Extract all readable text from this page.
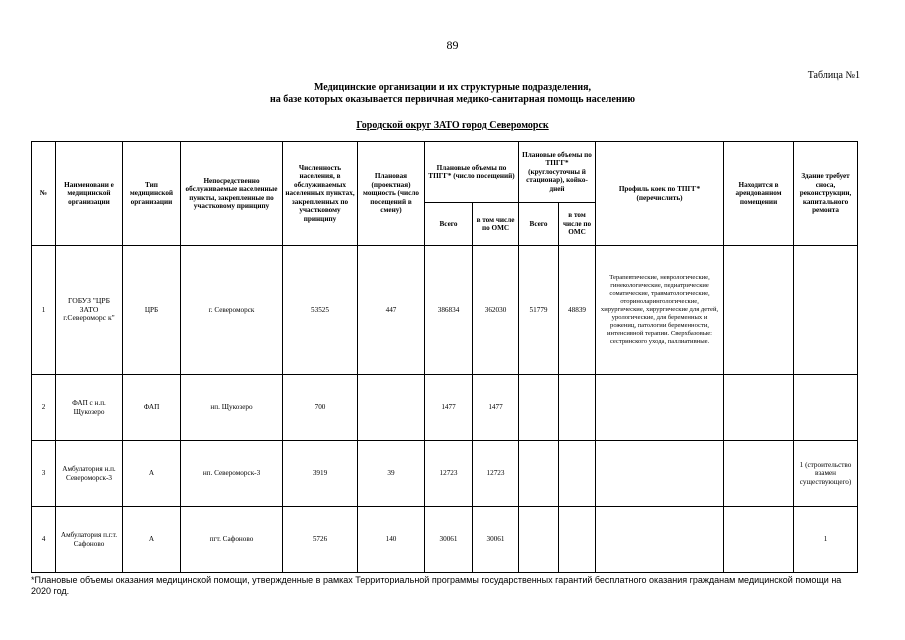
89
Таблица №1
Медицинские организации и их структурные подразделения,
на базе которых оказывается первичная медико-санитарная помощь населению
Городской округ ЗАТО город Североморск
№	Наименовани е медицинской организации	Тип медицинской организации	Непосредственно обслуживаемые населенные пункты, закрепленные по участковому принципу	Численность населения, в обслуживаемых населенных пунктах, закрепленных по участковому принципу	Плановая (проектная) мощность (число посещений в смену)	Плановые объемы по ТПГГ* (число посещений)		Плановые объемы по ТПГГ* (круглосуточны й стационар), койко-дней		Профиль коек по ТПГГ* (перечислить)	Находится в арендованном помещении	Здание требует сноса, реконструкции, капитального ремонта
						Всего	в том числе по ОМС	Всего	в том числе по ОМС			
1	ГОБУЗ "ЦРБ ЗАТО г.Североморс к"	ЦРБ	г. Североморск	53525	447	386834	362030	51779	48839	Терапевтические, неврологические, гинекологические, педиатрические соматические, травматологические, оториноларингологические, хирургические, хирургические для детей, урологические, для беременных и рожениц, патологии беременности, интенсивной терапии. Сверхбазовые: сестринского ухода, паллиативные.		
2	ФАП с н.п. Щукозеро	ФАП	нп. Щукозеро	700		1477	1477					
3	Амбулатория н.п. Североморск-3	А	нп. Североморск-3	3919	39	12723	12723					1 (строительство взамен существующего)
4	Амбулатория п.г.т. Сафоново	А	пгт. Сафоново	5726	140	30061	30061					1
*Плановые объемы оказания медицинской помощи, утвержденные в рамках Территориальной программы государственных гарантий бесплатного оказания гражданам медицинской помощи на 2020 год.
